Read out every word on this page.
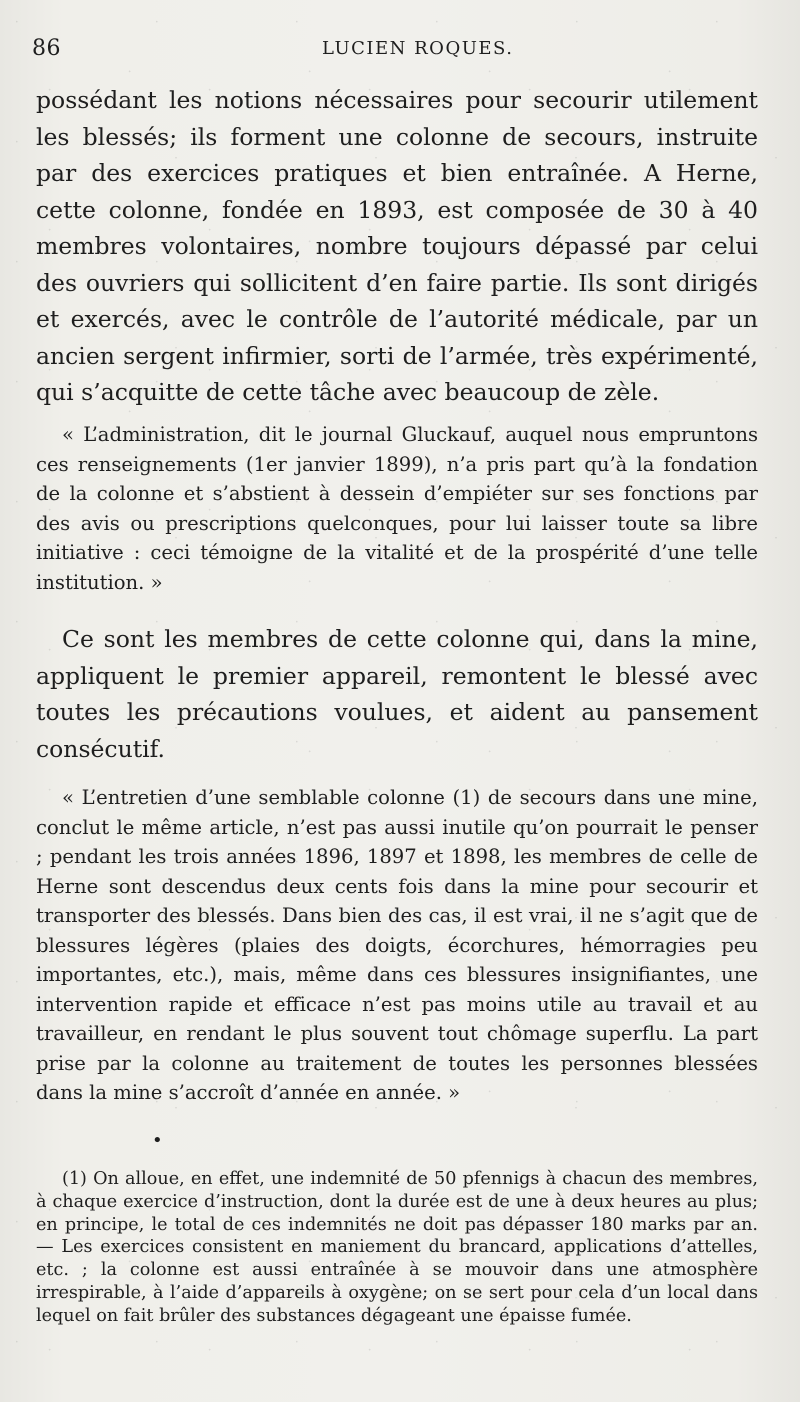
86	LUCIEN ROQUES.

possédant les notions nécessaires pour secourir utilement les blessés; ils forment une colonne de secours, instruite par des exercices pratiques et bien entraînée. A Herne, cette colonne, fondée en 1893, est composée de 30 à 40 membres volontaires, nombre toujours dépassé par celui des ouvriers qui sollicitent d’en faire partie. Ils sont dirigés et exercés, avec le contrôle de l’autorité médicale, par un ancien sergent infirmier, sorti de l’armée, très expérimenté, qui s’acquitte de cette tâche avec beaucoup de zèle.

« L’administration, dit le journal Gluckauf, auquel nous empruntons ces renseignements (1er janvier 1899), n’a pris part qu’à la fondation de la colonne et s’abstient à dessein d’empiéter sur ses fonctions par des avis ou prescriptions quelconques, pour lui laisser toute sa libre initiative : ceci témoigne de la vitalité et de la prospérité d’une telle institution. »

Ce sont les membres de cette colonne qui, dans la mine, appliquent le premier appareil, remontent le blessé avec toutes les précautions voulues, et aident au pansement consécutif.

« L’entretien d’une semblable colonne (1) de secours dans une mine, conclut le même article, n’est pas aussi inutile qu’on pourrait le penser ; pendant les trois années 1896, 1897 et 1898, les membres de celle de Herne sont descendus deux cents fois dans la mine pour secourir et transporter des blessés. Dans bien des cas, il est vrai, il ne s’agit que de blessures légères (plaies des doigts, écorchures, hémorragies peu importantes, etc.), mais, même dans ces blessures insignifiantes, une intervention rapide et efficace n’est pas moins utile au travail et au travailleur, en rendant le plus souvent tout chômage superflu. La part prise par la colonne au traitement de toutes les personnes blessées dans la mine s’accroît d’année en année. »

•

(1) On alloue, en effet, une indemnité de 50 pfennigs à chacun des membres, à chaque exercice d’instruction, dont la durée est de une à deux heures au plus; en principe, le total de ces indemnités ne doit pas dépasser 180 marks par an. — Les exercices consistent en maniement du brancard, applications d’attelles, etc. ; la colonne est aussi entraînée à se mouvoir dans une atmosphère irrespirable, à l’aide d’appareils à oxygène; on se sert pour cela d’un local dans lequel on fait brûler des substances dégageant une épaisse fumée.
